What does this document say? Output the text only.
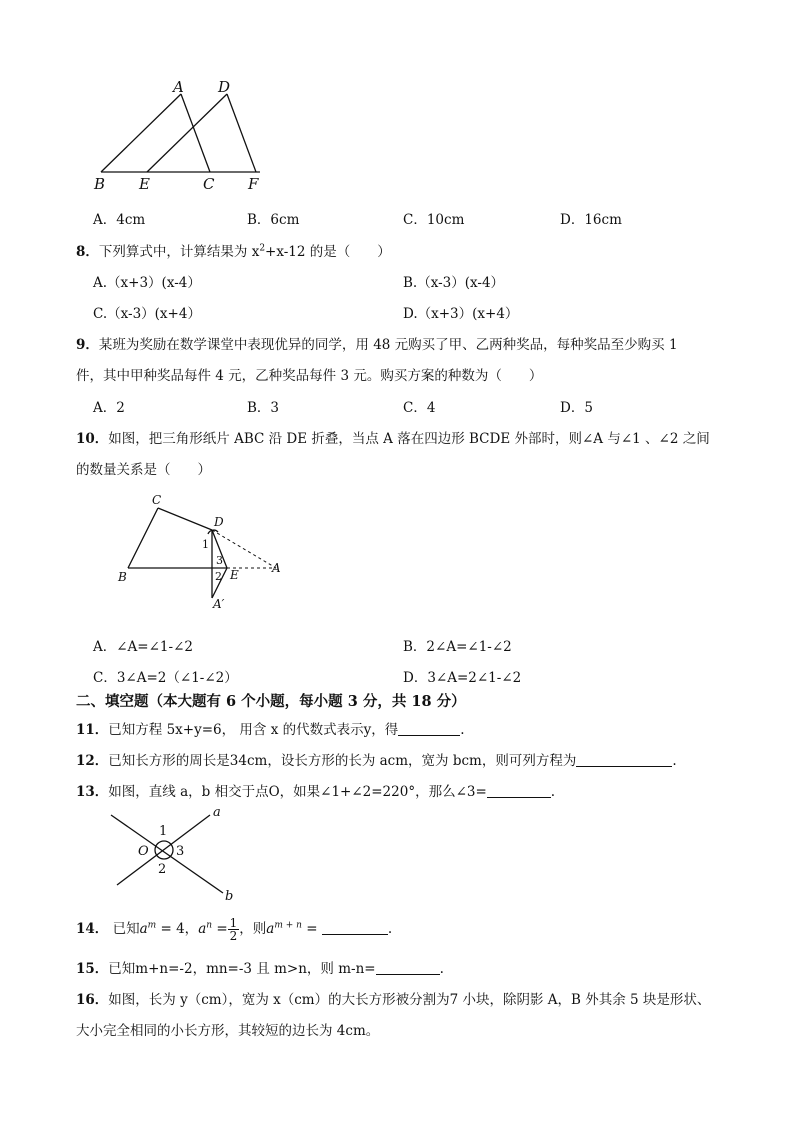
A D
B E	C F
A．4cm	B．6cm	C．10cm	D．16cm
8．下列算式中，计算结果为 $x^2+x-12$ 的是（　　）
A.（x+3）(x-4）	B.（x-3）(x-4）
C.（x-3）(x+4）	D.（x+3）(x+4）
9．某班为奖励在数学课堂中表现优异的同学，用 48 元购买了甲、乙两种奖品，每种奖品至少购买 1
件，其中甲种奖品每件 4 元，乙种奖品每件 3 元。购买方案的种数为（　　）
A．2	B．3	C．4	D．5
10．如图，把三角形纸片 ABC 沿 DE 折叠，当点 A 落在四边形 BCDE 外部时，则∠A 与∠1 、∠2 之间
的数量关系是（　　）
C
D
B	E	A
A′
1
2
3
A．∠A=∠1-∠2	B．2∠A=∠1-∠2
C．3∠A=2（∠1-∠2）	D．3∠A=2∠1-∠2
二、填空题（本大题有 6 个小题，每小题 3 分，共 18 分）
11．已知方程 5x+y=6， 用含 x 的代数式表示y，得	.
12．已知长方形的周长是34cm，设长方形的长为 acm，宽为 bcm，则可列方程为	.
13．如图，直线 a，b 相交于点O，如果∠1+∠2=220°，那么∠3=	.
a
b
O
1
2
3
14． 已知$a^m = 4$，$a^n = \frac{1}{2}$ ，则$a^{m + n}$ =	.
15．已知m+n=-2，mn=-3 且 m>n，则 m-n=	.
16．如图，长为 y（cm），宽为 x（cm）的大长方形被分割为7 小块，除阴影 A，B 外其余 5 块是形状、
大小完全相同的小长方形，其较短的边长为 4cm。
